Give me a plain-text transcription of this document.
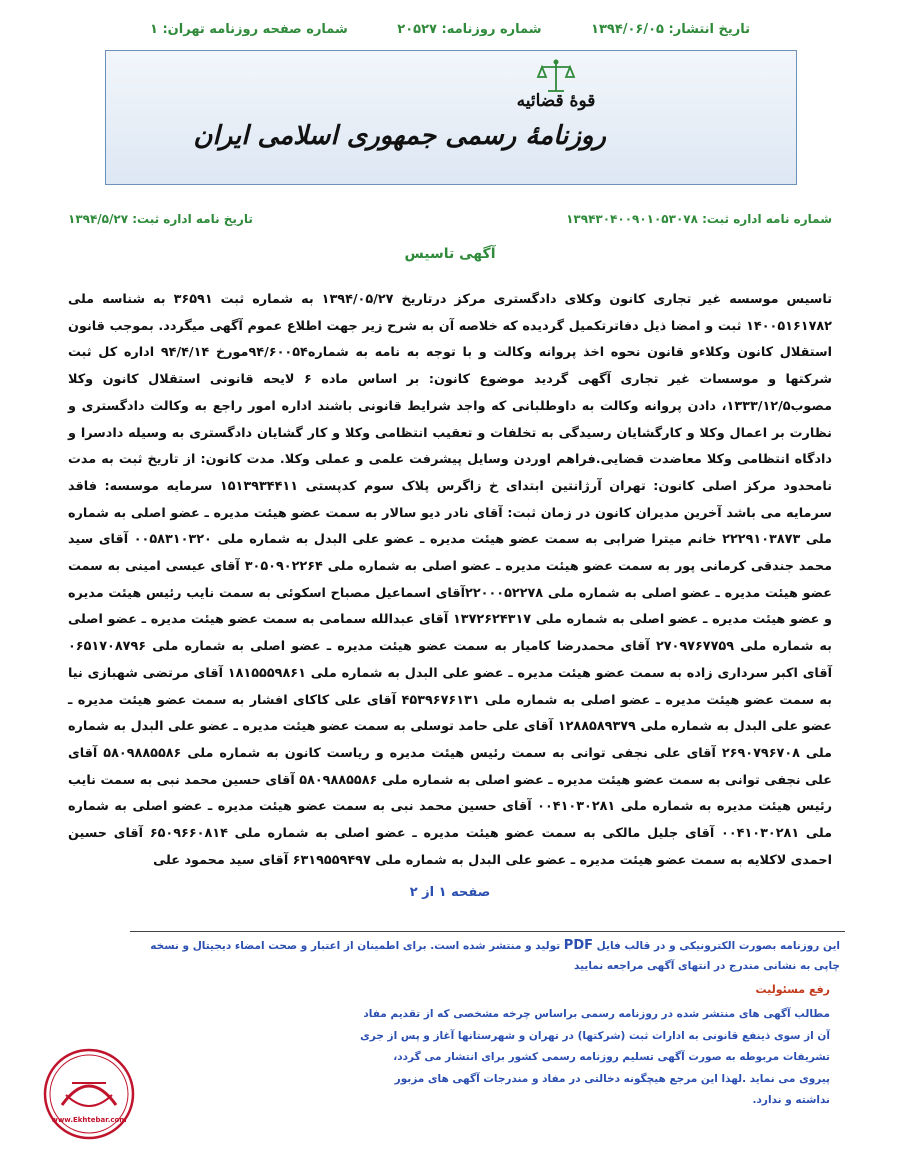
تاریخ انتشار: ۱۳۹۴/۰۶/۰۵
شماره روزنامه: ۲۰۵۲۷
شماره صفحه روزنامه تهران: ۱
قوهٔ قضائیه
روزنامهٔ رسمی جمهوری اسلامی ایران
شماره نامه اداره ثبت: ۱۳۹۴۳۰۴۰۰۹۰۱۰۵۳۰۷۸
تاریخ نامه اداره ثبت: ۱۳۹۴/۵/۲۷
آگهی تاسیس
تاسیس موسسه غیر تجاری کانون وکلای دادگستری مرکز درتاریخ ۱۳۹۴/۰۵/۲۷ به شماره ثبت ۳۶۵۹۱ به شناسه ملی ۱۴۰۰۵۱۶۱۷۸۲ ثبت و امضا ذیل دفاترتکمیل گردیده که خلاصه آن به شرح زیر جهت اطلاع عموم آگهی میگردد. بموجب قانون استقلال کانون وکلاءو قانون نحوه اخذ پروانه وکالت و با توجه به نامه به شماره۹۴/۶۰۰۵۴مورخ ۹۴/۴/۱۴ اداره کل ثبت شرکتها و موسسات غیر تجاری آگهی گردید موضوع کانون: بر اساس ماده ۶ لایحه قانونی استقلال کانون وکلا مصوب۱۳۳۳/۱۲/۵، دادن پروانه وکالت به داوطلبانی که واجد شرایط قانونی باشند اداره امور راجع به وکالت دادگستری و نظارت بر اعمال وکلا و کارگشایان رسیدگی به تخلفات و تعقیب انتظامی وکلا و کار گشایان دادگستری به وسیله دادسرا و دادگاه انتظامی وکلا معاضدت قضایی.فراهم اوردن وسایل پیشرفت علمی و عملی وکلا. مدت کانون: از تاریخ ثبت به مدت نامحدود مرکز اصلی کانون: تهران آرژانتین ابتدای خ زاگرس پلاک سوم کدپستی ۱۵۱۳۹۳۴۴۱۱ سرمایه موسسه: فاقد سرمایه می باشد آخرین مدیران کانون در زمان ثبت: آقای نادر دیو سالار به سمت عضو هیئت مدیره ـ عضو اصلی به شماره ملی ۲۲۲۹۱۰۳۸۷۳ خانم میترا ضرابی به سمت عضو هیئت مدیره ـ عضو علی البدل به شماره ملی ۰۰۵۸۳۱۰۳۲۰ آقای سید محمد جندقی کرمانی پور به سمت عضو هیئت مدیره ـ عضو اصلی به شماره ملی ۳۰۵۰۹۰۲۲۶۴ آقای عیسی امینی به سمت عضو هیئت مدیره ـ عضو اصلی به شماره ملی ۲۲۰۰۰۵۲۲۷۸آقای اسماعیل مصباح اسکوئی به سمت نایب رئیس هیئت مدیره و عضو هیئت مدیره ـ عضو اصلی به شماره ملی ۱۳۷۲۶۲۴۳۱۷ آقای عبدالله سمامی به سمت عضو هیئت مدیره ـ عضو اصلی به شماره ملی ۲۷۰۹۷۶۷۷۵۹ آقای محمدرضا کامیار به سمت عضو هیئت مدیره ـ عضو اصلی به شماره ملی ۰۶۵۱۷۰۸۷۹۶ آقای اکبر سرداری زاده به سمت عضو هیئت مدیره ـ عضو علی البدل به شماره ملی ۱۸۱۵۵۵۹۸۶۱ آقای مرتضی شهبازی نیا به سمت عضو هیئت مدیره ـ عضو اصلی به شماره ملی ۴۵۳۹۶۷۶۱۳۱ آقای علی کاکای افشار به سمت عضو هیئت مدیره ـ عضو علی البدل به شماره ملی ۱۲۸۸۵۸۹۳۷۹ آقای علی حامد توسلی به سمت عضو هیئت مدیره ـ عضو علی البدل به شماره ملی ۲۶۹۰۷۹۶۷۰۸ آقای علی نجفی توانی به سمت رئیس هیئت مدیره و ریاست کانون به شماره ملی ۵۸۰۹۸۸۵۵۸۶ آقای علی نجفی توانی به سمت عضو هیئت مدیره ـ عضو اصلی به شماره ملی ۵۸۰۹۸۸۵۵۸۶ آقای حسین محمد نبی به سمت نایب رئیس هیئت مدیره به شماره ملی ۰۰۴۱۰۳۰۲۸۱ آقای حسین محمد نبی به سمت عضو هیئت مدیره ـ عضو اصلی به شماره ملی ۰۰۴۱۰۳۰۲۸۱ آقای جلیل مالکی به سمت عضو هیئت مدیره ـ عضو اصلی به شماره ملی ۶۵۰۹۶۶۰۸۱۴ آقای حسین احمدی لاکلایه به سمت عضو هیئت مدیره ـ عضو علی البدل به شماره ملی ۶۳۱۹۵۵۹۴۹۷ آقای سید محمود علی
صفحه ۱ از ۲
این روزنامه بصورت الکترونیکی و در قالب فایل PDF تولید و منتشر شده است. برای اطمینان از اعتبار و صحت امضاء دیجیتال و نسخه چاپی به نشانی مندرج در انتهای آگهی مراجعه نمایید
رفع مسئولیت
مطالب آگهی های منتشر شده در روزنامه رسمی براساس چرخه مشخصی که از تقدیم مفاد آن از سوی ذینفع قانونی به ادارات ثبت (شرکتها) در تهران و شهرستانها آغاز و پس از جری تشریفات مربوطه به صورت آگهی تسلیم روزنامه رسمی کشور برای انتشار می گردد، پیروی می نماید .لهذا این مرجع هیچگونه دخالتی در مفاد و مندرجات آگهی های مزبور نداشته و ندارد.
www.Ekhtebar.com
